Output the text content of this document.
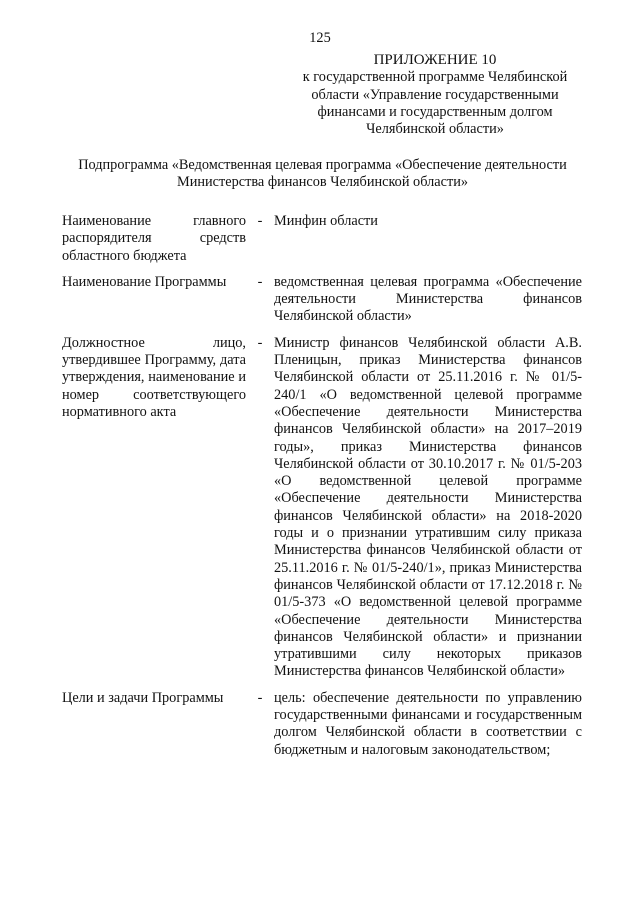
125
ПРИЛОЖЕНИЕ 10
к государственной программе Челябинской
области «Управление государственными
финансами и государственным долгом
Челябинской области»
Подпрограмма «Ведомственная целевая программа «Обеспечение деятельности
Министерства финансов Челябинской области»
Наименование главного распорядителя средств областного бюджета
- Минфин области
Наименование Программы	- ведомственная целевая программа «Обеспечение деятельности Министерства финансов Челябинской области»
Должностное лицо, утвердившее Программу, дата утверждения, наименование и номер соответствующего нормативного акта
- Министр финансов Челябинской области А.В. Пленицын, приказ Министерства финансов Челябинской области от 25.11.2016 г. № 01/5-240/1 «О ведомственной целевой программе «Обеспечение деятельности Министерства финансов Челябинской области» на 2017–2019 годы», приказ Министерства финансов Челябинской области от 30.10.2017 г. № 01/5-203 «О ведомственной целевой программе «Обеспечение деятельности Министерства финансов Челябинской области» на 2018-2020 годы и о признании утратившим силу приказа Министерства финансов Челябинской области от 25.11.2016 г. № 01/5-240/1», приказ Министерства финансов Челябинской области от 17.12.2018 г. № 01/5-373 «О ведомственной целевой программе «Обеспечение деятельности Министерства финансов Челябинской области» и признании утратившими силу некоторых приказов Министерства финансов Челябинской области»
Цели и задачи Программы	- цель: обеспечение деятельности по управлению государственными финансами и государственным долгом Челябинской области в соответствии с бюджетным и налоговым законодательством;
